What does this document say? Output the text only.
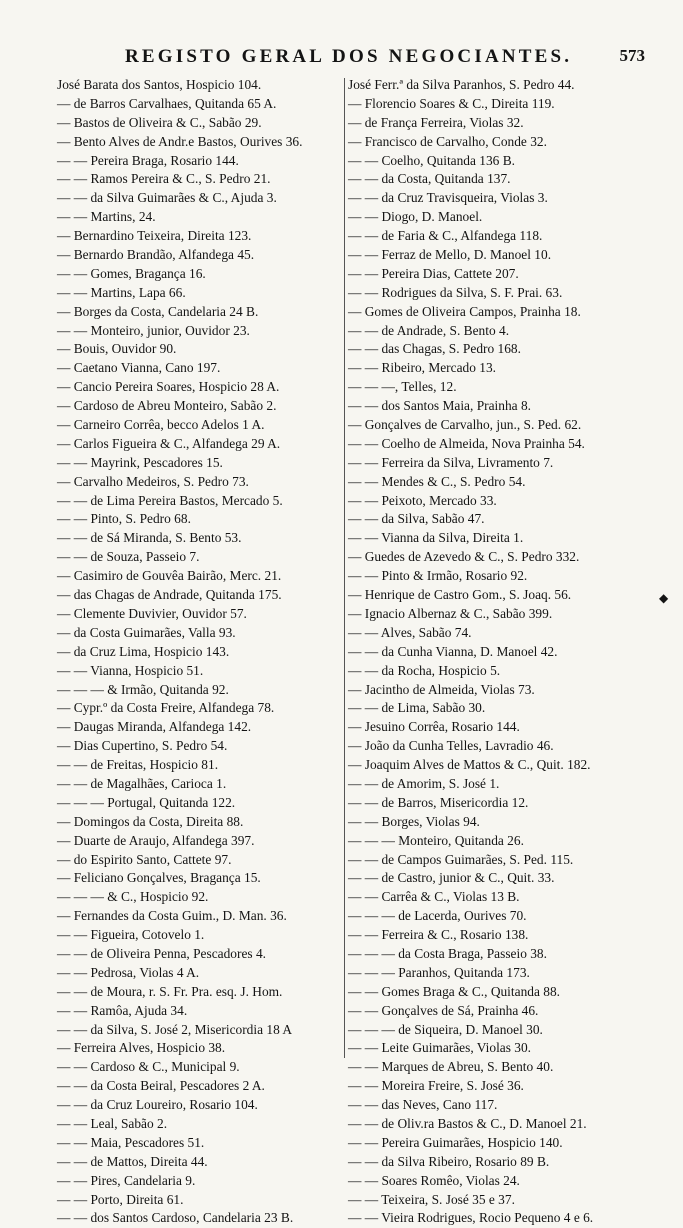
REGISTO GERAL DOS NEGOCIANTES.	573
José Barata dos Santos, Hospicio 104.
— de Barros Carvalhaes, Quitanda 65 A.
— Bastos de Oliveira & C., Sabão 29.
— Bento Alves de Andr.e Bastos, Ourives 36.
— — Pereira Braga, Rosario 144.
— — Ramos Pereira & C., S. Pedro 21.
— — da Silva Guimarães & C., Ajuda 3.
— — Martins, 24.
— Bernardino Teixeira, Direita 123.
— Bernardo Brandão, Alfandega 45.
— — Gomes, Bragança 16.
— — Martins, Lapa 66.
— Borges da Costa, Candelaria 24 B.
— — Monteiro, junior, Ouvidor 23.
— Bouis, Ouvidor 90.
— Caetano Vianna, Cano 197.
— Cancio Pereira Soares, Hospicio 28 A.
— Cardoso de Abreu Monteiro, Sabão 2.
— Carneiro Corrêa, becco Adelos 1 A.
— Carlos Figueira & C., Alfandega 29 A.
— — Mayrink, Pescadores 15.
— Carvalho Medeiros, S. Pedro 73.
— — de Lima Pereira Bastos, Mercado 5.
— — Pinto, S. Pedro 68.
— — de Sá Miranda, S. Bento 53.
— — de Souza, Passeio 7.
— Casimiro de Gouvêa Bairão, Merc. 21.
— das Chagas de Andrade, Quitanda 175.
— Clemente Duvivier, Ouvidor 57.
— da Costa Guimarães, Valla 93.
— da Cruz Lima, Hospicio 143.
— — Vianna, Hospicio 51.
— — — & Irmão, Quitanda 92.
— Cypr.º da Costa Freire, Alfandega 78.
— Daugas Miranda, Alfandega 142.
— Dias Cupertino, S. Pedro 54.
— — de Freitas, Hospicio 81.
— — de Magalhães, Carioca 1.
— — — Portugal, Quitanda 122.
— Domingos da Costa, Direita 88.
— Duarte de Araujo, Alfandega 397.
— do Espirito Santo, Cattete 97.
— Feliciano Gonçalves, Bragança 15.
— — — & C., Hospicio 92.
— Fernandes da Costa Guim., D. Man. 36.
— — Figueira, Cotovelo 1.
— — de Oliveira Penna, Pescadores 4.
— — Pedrosa, Violas 4 A.
— — de Moura, r. S. Fr. Pra. esq. J. Hom.
— — Ramôa, Ajuda 34.
— — da Silva, S. José 2, Misericordia 18 A
— Ferreira Alves, Hospicio 38.
— — Cardoso & C., Municipal 9.
— — da Costa Beiral, Pescadores 2 A.
— — da Cruz Loureiro, Rosario 104.
— — Leal, Sabão 2.
— — Maia, Pescadores 51.
— — de Mattos, Direita 44.
— — Pires, Candelaria 9.
— — Porto, Direita 61.
— — dos Santos Cardoso, Candelaria 23 B.
José Ferr.ª da Silva Paranhos, S. Pedro 44.
— Florencio Soares & C., Direita 119.
— de França Ferreira, Violas 32.
— Francisco de Carvalho, Conde 32.
— — Coelho, Quitanda 136 B.
— — da Costa, Quitanda 137.
— — da Cruz Travisqueira, Violas 3.
— — Diogo, D. Manoel.
— — de Faria & C., Alfandega 118.
— — Ferraz de Mello, D. Manoel 10.
— — Pereira Dias, Cattete 207.
— — Rodrigues da Silva, S. F. Prai. 63.
— Gomes de Oliveira Campos, Prainha 18.
— — de Andrade, S. Bento 4.
— — das Chagas, S. Pedro 168.
— — Ribeiro, Mercado 13.
— — —, Telles, 12.
— — dos Santos Maia, Prainha 8.
— Gonçalves de Carvalho, jun., S. Ped. 62.
— — Coelho de Almeida, Nova Prainha 54.
— — Ferreira da Silva, Livramento 7.
— — Mendes & C., S. Pedro 54.
— — Peixoto, Mercado 33.
— — da Silva, Sabão 47.
— — Vianna da Silva, Direita 1.
— Guedes de Azevedo & C., S. Pedro 332.
— — Pinto & Irmão, Rosario 92.
— Henrique de Castro Gom., S. Joaq. 56.
— Ignacio Albernaz & C., Sabão 399.
— — Alves, Sabão 74.
— — da Cunha Vianna, D. Manoel 42.
— — da Rocha, Hospicio 5.
— Jacintho de Almeida, Violas 73.
— — de Lima, Sabão 30.
— Jesuino Corrêa, Rosario 144.
— João da Cunha Telles, Lavradio 46.
— Joaquim Alves de Mattos & C., Quit. 182.
— — de Amorim, S. José 1.
— — de Barros, Misericordia 12.
— — Borges, Violas 94.
— — — Monteiro, Quitanda 26.
— — de Campos Guimarães, S. Ped. 115.
— — de Castro, junior & C., Quit. 33.
— — Carrêa & C., Violas 13 B.
— — — de Lacerda, Ourives 70.
— — Ferreira & C., Rosario 138.
— — — da Costa Braga, Passeio 38.
— — — Paranhos, Quitanda 173.
— — Gomes Braga & C., Quitanda 88.
— — Gonçalves de Sá, Prainha 46.
— — — de Siqueira, D. Manoel 30.
— — Leite Guimarães, Violas 30.
— — Marques de Abreu, S. Bento 40.
— — Moreira Freire, S. José 36.
— — das Neves, Cano 117.
— — de Oliv.ra Bastos & C., D. Manoel 21.
— — Pereira Guimarães, Hospicio 140.
— — da Silva Ribeiro, Rosario 89 B.
— — Soares Romêo, Violas 24.
— — Teixeira, S. José 35 e 37.
— — Vieira Rodrigues, Rocio Pequeno 4 e 6.
◆
